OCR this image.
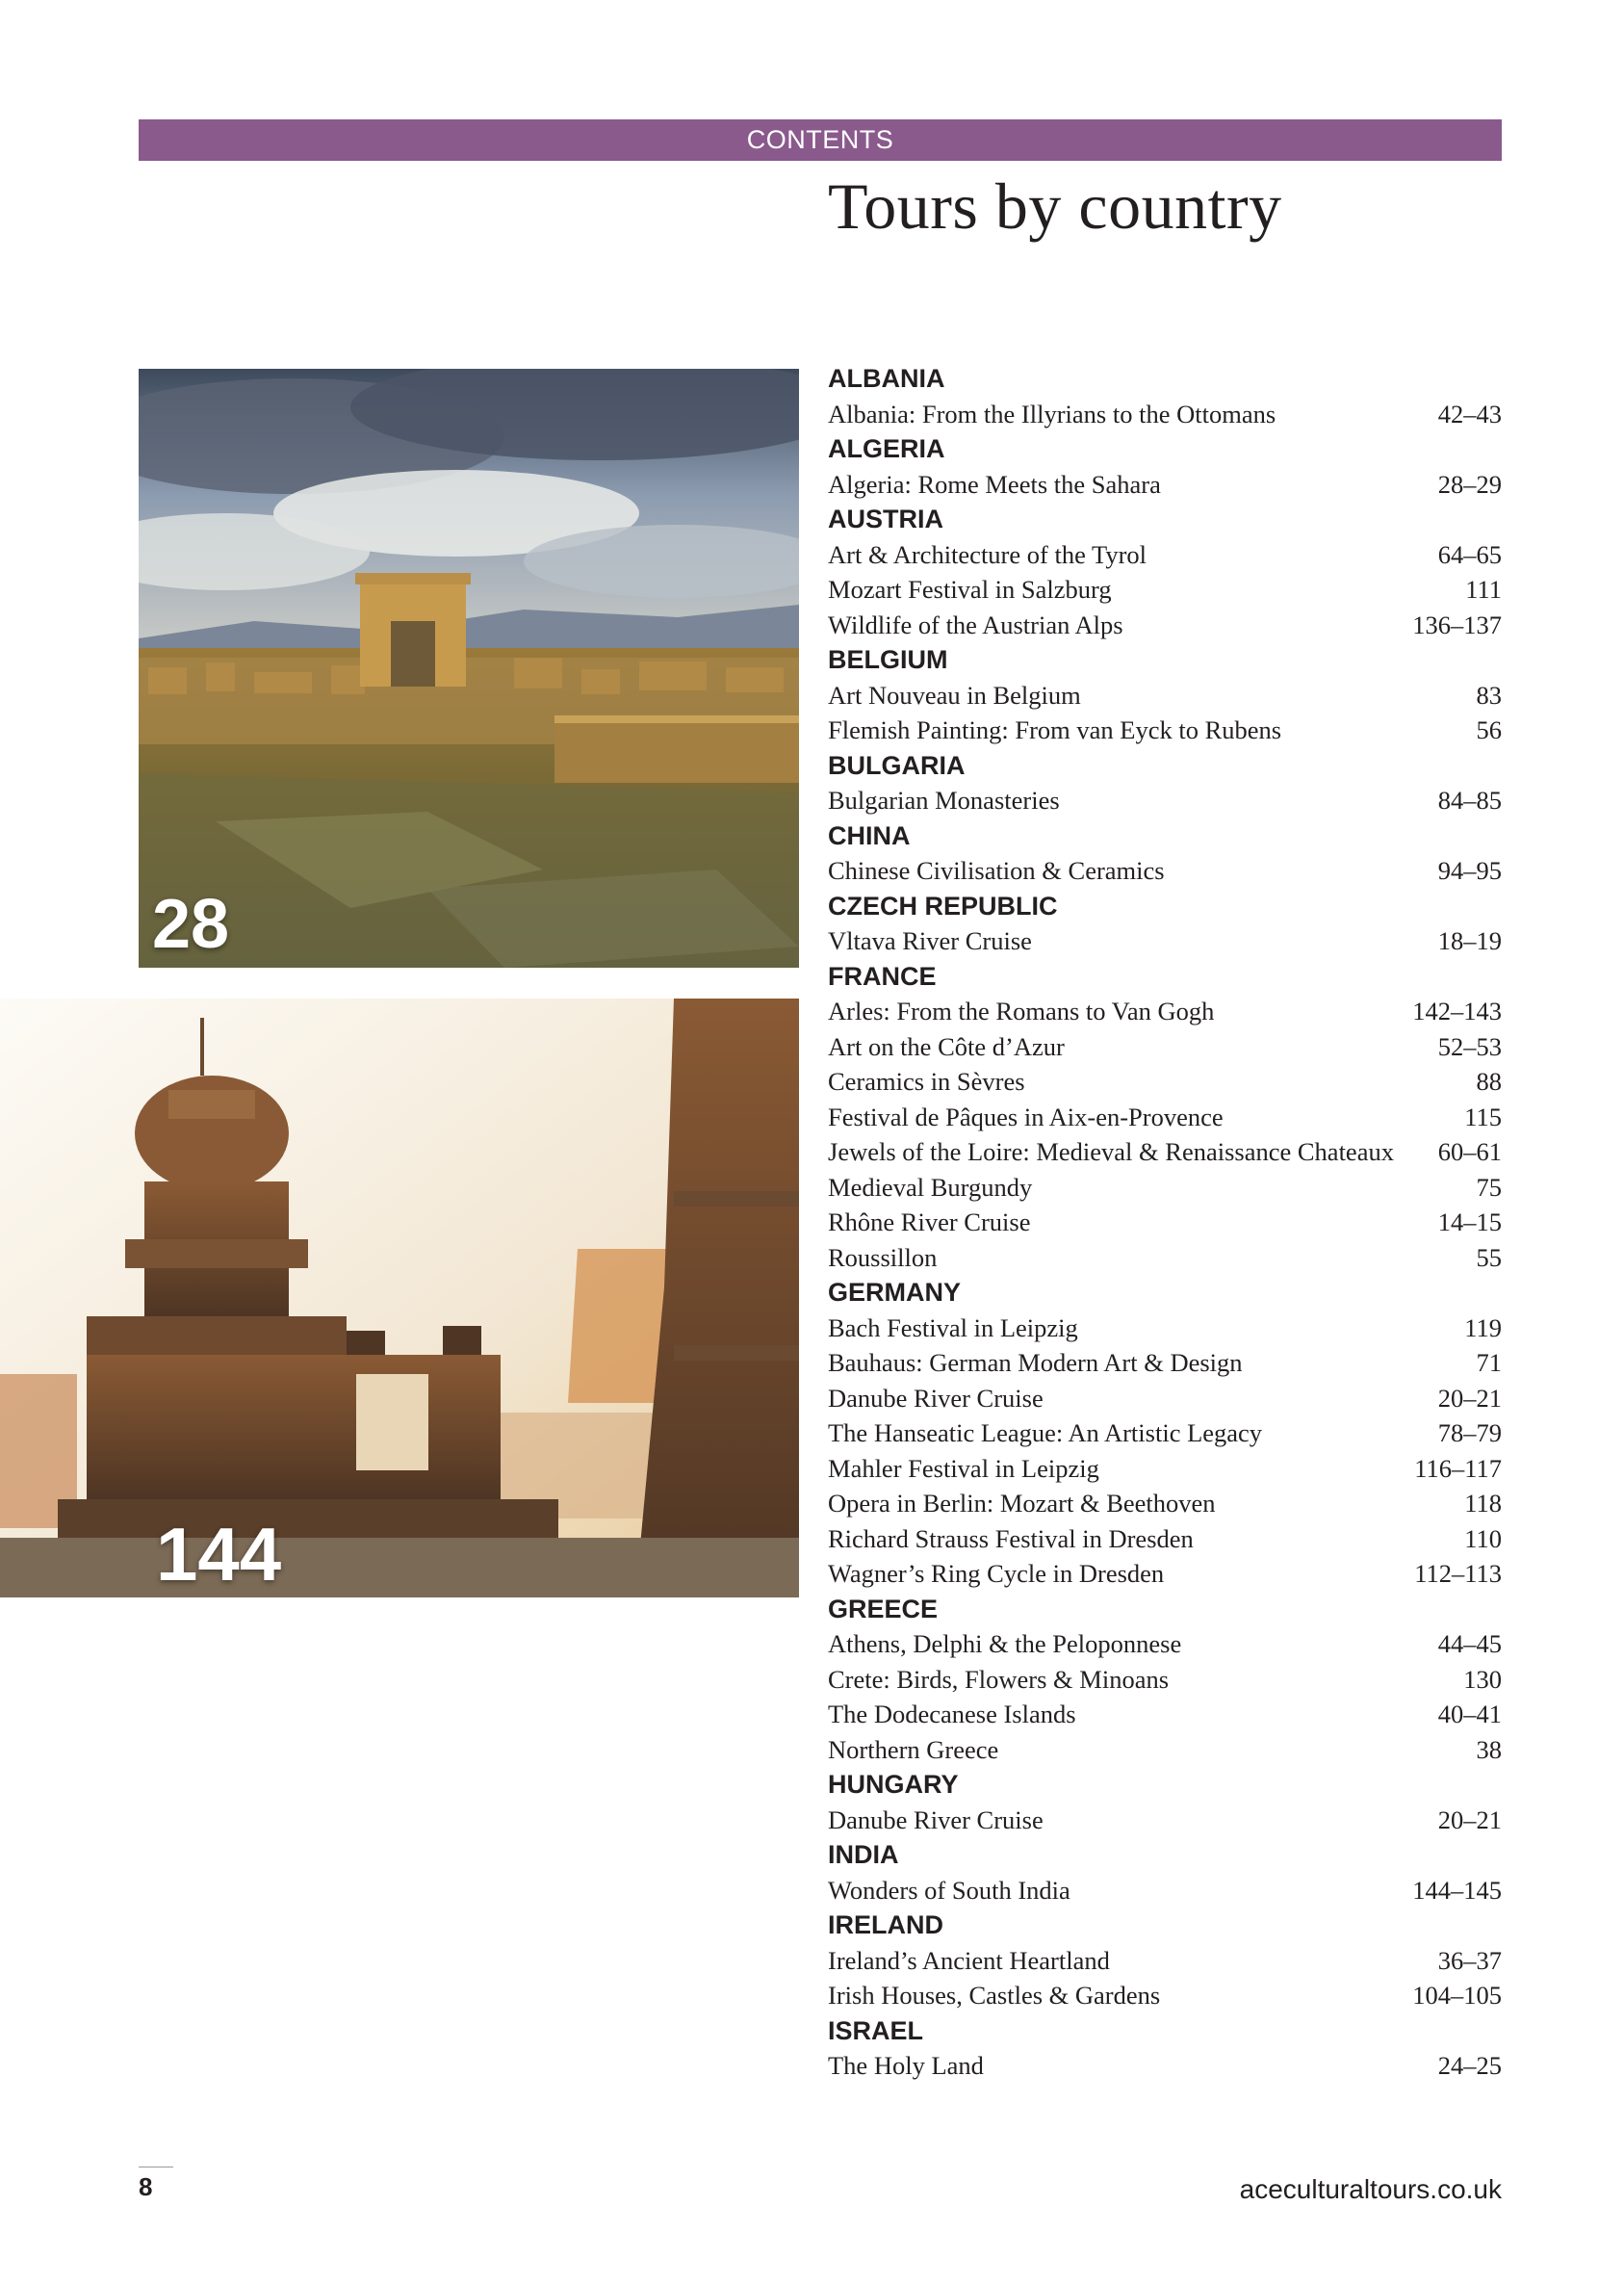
CONTENTS
Tours by country
28
144
ALBANIA
Albania: From the Illyrians to the Ottomans	42–43
ALGERIA
Algeria: Rome Meets the Sahara	28–29
AUSTRIA
Art & Architecture of the Tyrol	64–65
Mozart Festival in Salzburg	111
Wildlife of the Austrian Alps	136–137
BELGIUM
Art Nouveau in Belgium	83
Flemish Painting: From van Eyck to Rubens	56
BULGARIA
Bulgarian Monasteries	84–85
CHINA
Chinese Civilisation & Ceramics	94–95
CZECH REPUBLIC
Vltava River Cruise	18–19
FRANCE
Arles: From the Romans to Van Gogh	142–143
Art on the Côte d’Azur	52–53
Ceramics in Sèvres	88
Festival de Pâques in Aix-en-Provence	115
Jewels of the Loire: Medieval & Renaissance Chateaux 60–61
Medieval Burgundy	75
Rhône River Cruise	14–15
Roussillon	55
GERMANY
Bach Festival in Leipzig	119
Bauhaus: German Modern Art & Design	71
Danube River Cruise	20–21
The Hanseatic League: An Artistic Legacy	78–79
Mahler Festival in Leipzig	116–117
Opera in Berlin: Mozart & Beethoven	118
Richard Strauss Festival in Dresden	110
Wagner’s Ring Cycle in Dresden	112–113
GREECE
Athens, Delphi & the Peloponnese	44–45
Crete: Birds, Flowers & Minoans	130
The Dodecanese Islands	40–41
Northern Greece	38
HUNGARY
Danube River Cruise	20–21
INDIA
Wonders of South India	144–145
IRELAND
Ireland’s Ancient Heartland	36–37
Irish Houses, Castles & Gardens	104–105
ISRAEL
The Holy Land	24–25
8	aceculturaltours.co.uk
